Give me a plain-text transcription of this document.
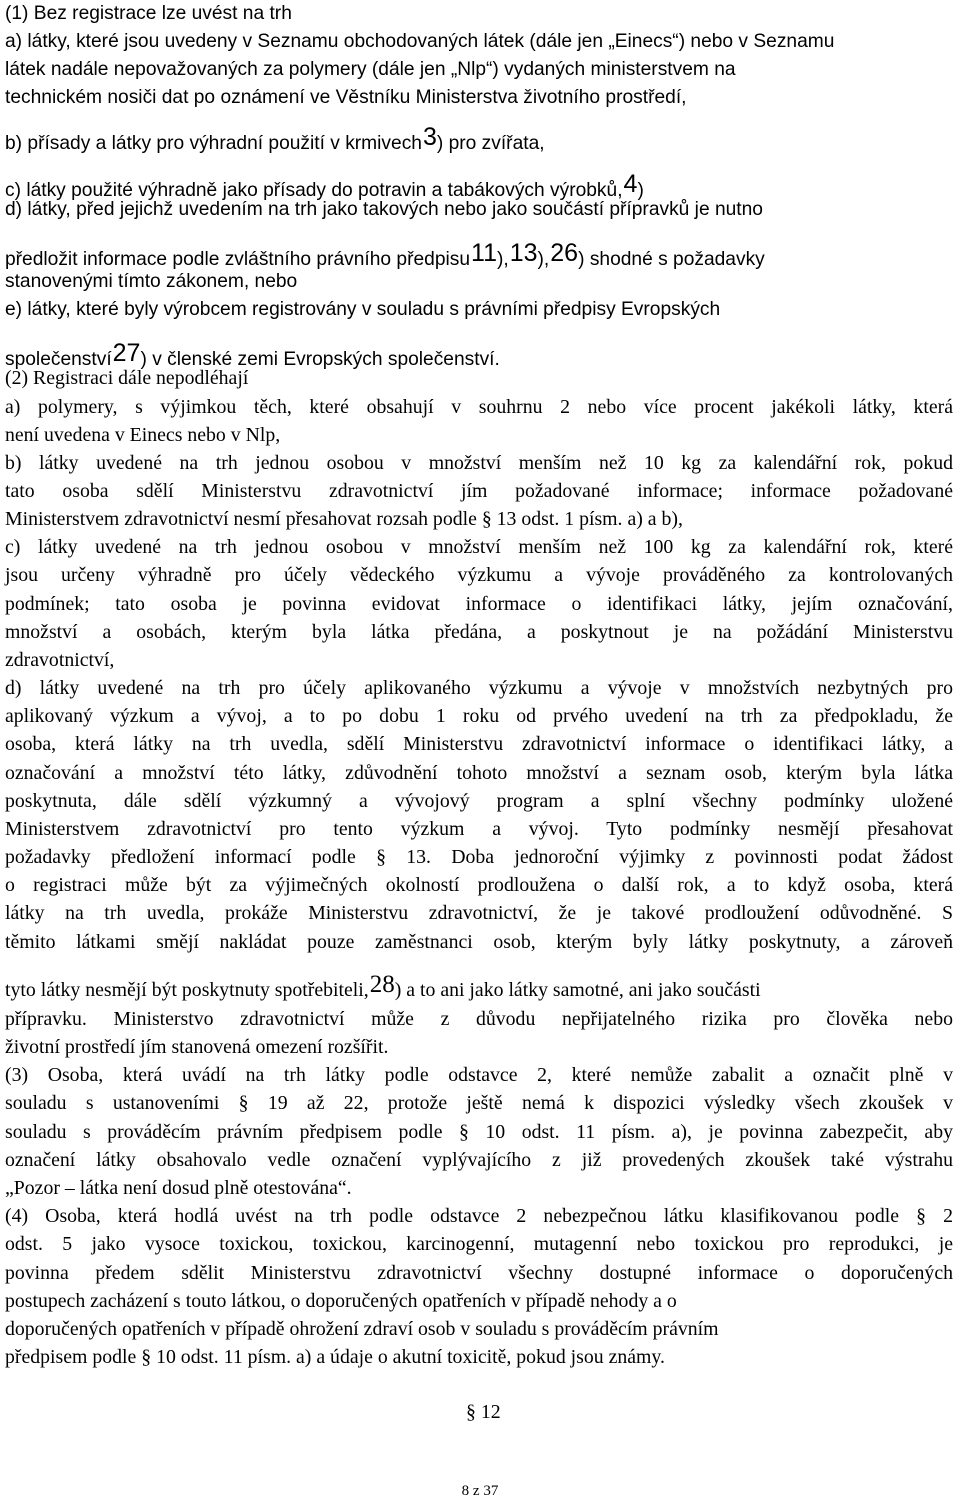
(1) Bez registrace lze uvést na trh
a) látky, které jsou uvedeny v Seznamu obchodovaných látek (dále jen „Einecs“) nebo v Seznamu
látek nadále nepovažovaných za polymery (dále jen „Nlp“) vydaných ministerstvem na
technickém nosiči dat po oznámení ve Věstníku Ministerstva životního prostředí,
b) přísady a látky pro výhradní použití v krmivech3) pro zvířata,
c) látky použité výhradně jako přísady do potravin a tabákových výrobků,4)
d) látky, před jejichž uvedením na trh jako takových nebo jako součástí přípravků je nutno
předložit informace podle zvláštního právního předpisu11),13),26) shodné s požadavky
stanovenými tímto zákonem, nebo
e) látky, které byly výrobcem registrovány v souladu s právními předpisy Evropských
společenství27) v členské zemi Evropských společenství.
(2) Registraci dále nepodléhají
a) polymery, s výjimkou těch, které obsahují v souhrnu 2 nebo více procent jakékoli látky, která
není uvedena v Einecs nebo v Nlp,
b) látky uvedené na trh jednou osobou v množství menším než 10 kg za kalendářní rok, pokud
tato osoba sdělí Ministerstvu zdravotnictví jím požadované informace; informace požadované
Ministerstvem zdravotnictví nesmí přesahovat rozsah podle § 13 odst. 1 písm. a) a b),
c) látky uvedené na trh jednou osobou v množství menším než 100 kg za kalendářní rok, které
jsou určeny výhradně pro účely vědeckého výzkumu a vývoje prováděného za kontrolovaných
podmínek; tato osoba je povinna evidovat informace o identifikaci látky, jejím označování,
množství a osobách, kterým byla látka předána, a poskytnout je na požádání Ministerstvu
zdravotnictví,
d) látky uvedené na trh pro účely aplikovaného výzkumu a vývoje v množstvích nezbytných pro
aplikovaný výzkum a vývoj, a to po dobu 1 roku od prvého uvedení na trh za předpokladu, že
osoba, která látky na trh uvedla, sdělí Ministerstvu zdravotnictví informace o identifikaci látky, a
označování a množství této látky, zdůvodnění tohoto množství a seznam osob, kterým byla látka
poskytnuta, dále sdělí výzkumný a vývojový program a splní všechny podmínky uložené
Ministerstvem zdravotnictví pro tento výzkum a vývoj. Tyto podmínky nesmějí přesahovat
požadavky předložení informací podle § 13. Doba jednoroční výjimky z povinnosti podat žádost
o registraci může být za výjimečných okolností prodloužena o další rok, a to když osoba, která
látky na trh uvedla, prokáže Ministerstvu zdravotnictví, že je takové prodloužení odůvodněné. S
těmito látkami smějí nakládat pouze zaměstnanci osob, kterým byly látky poskytnuty, a zároveň
tyto látky nesmějí být poskytnuty spotřebiteli,28) a to ani jako látky samotné, ani jako součásti
přípravku. Ministerstvo zdravotnictví může z důvodu nepřijatelného rizika pro člověka nebo
životní prostředí jím stanovená omezení rozšířit.
(3) Osoba, která uvádí na trh látky podle odstavce 2, které nemůže zabalit a označit plně v
souladu s ustanoveními § 19 až 22, protože ještě nemá k dispozici výsledky všech zkoušek v
souladu s prováděcím právním předpisem podle § 10 odst. 11 písm. a), je povinna zabezpečit, aby
označení látky obsahovalo vedle označení vyplývajícího z již provedených zkoušek také výstrahu
„Pozor – látka není dosud plně otestována“.
(4) Osoba, která hodlá uvést na trh podle odstavce 2 nebezpečnou látku klasifikovanou podle § 2
odst. 5 jako vysoce toxickou, toxickou, karcinogenní, mutagenní nebo toxickou pro reprodukci, je
povinna předem sdělit Ministerstvu zdravotnictví všechny dostupné informace o doporučených
postupech zacházení s touto látkou, o doporučených opatřeních v případě nehody a o
doporučených opatřeních v případě ohrožení zdraví osob v souladu s prováděcím právním
předpisem podle § 10 odst. 11 písm. a) a údaje o akutní toxicitě, pokud jsou známy.
§ 12
8 z 37
